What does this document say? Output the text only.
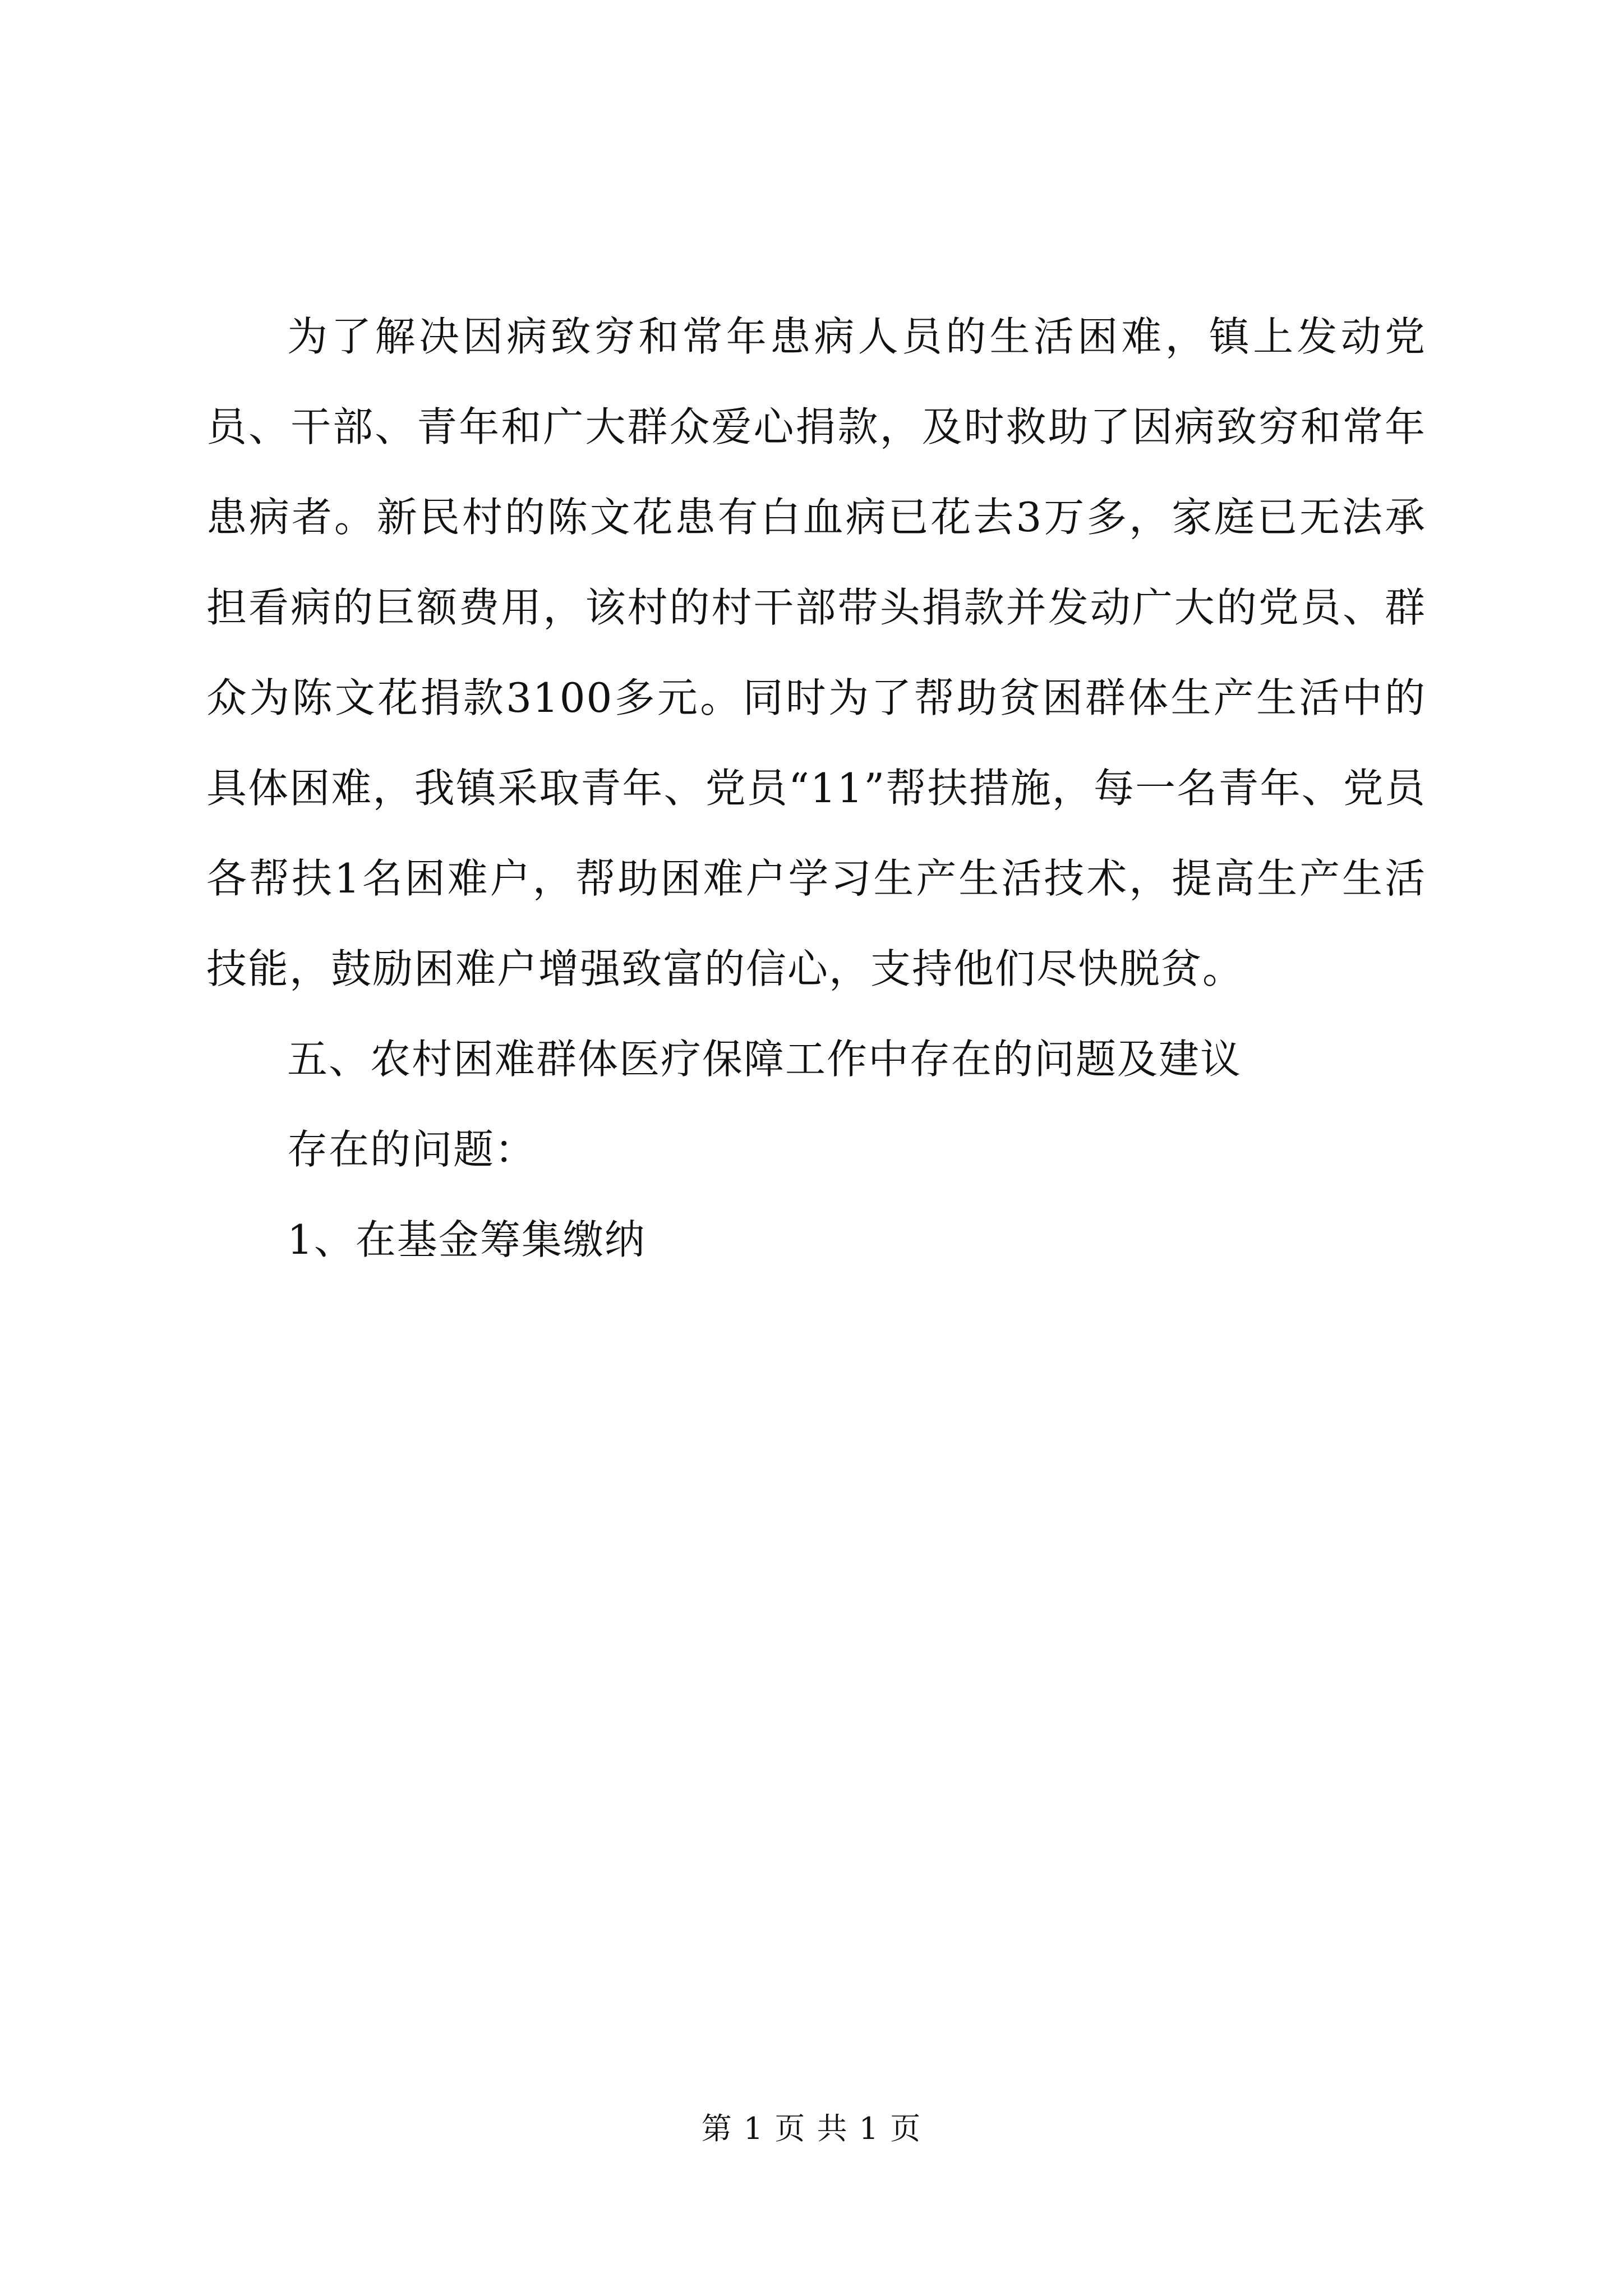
为了解决因病致穷和常年患病人员的生活困难，镇上发动党员、干部、青年和广大群众爱心捐款，及时救助了因病致穷和常年患病者。新民村的陈文花患有白血病已花去3万多，家庭已无法承担看病的巨额费用，该村的村干部带头捐款并发动广大的党员、群众为陈文花捐款3100多元。同时为了帮助贫困群体生产生活中的具体困难，我镇采取青年、党员“11”帮扶措施，每一名青年、党员各帮扶1名困难户，帮助困难户学习生产生活技术，提高生产生活技能，鼓励困难户增强致富的信心，支持他们尽快脱贫。

五、农村困难群体医疗保障工作中存在的问题及建议

存在的问题：

1、在基金筹集缴纳

第 1 页 共 1 页
